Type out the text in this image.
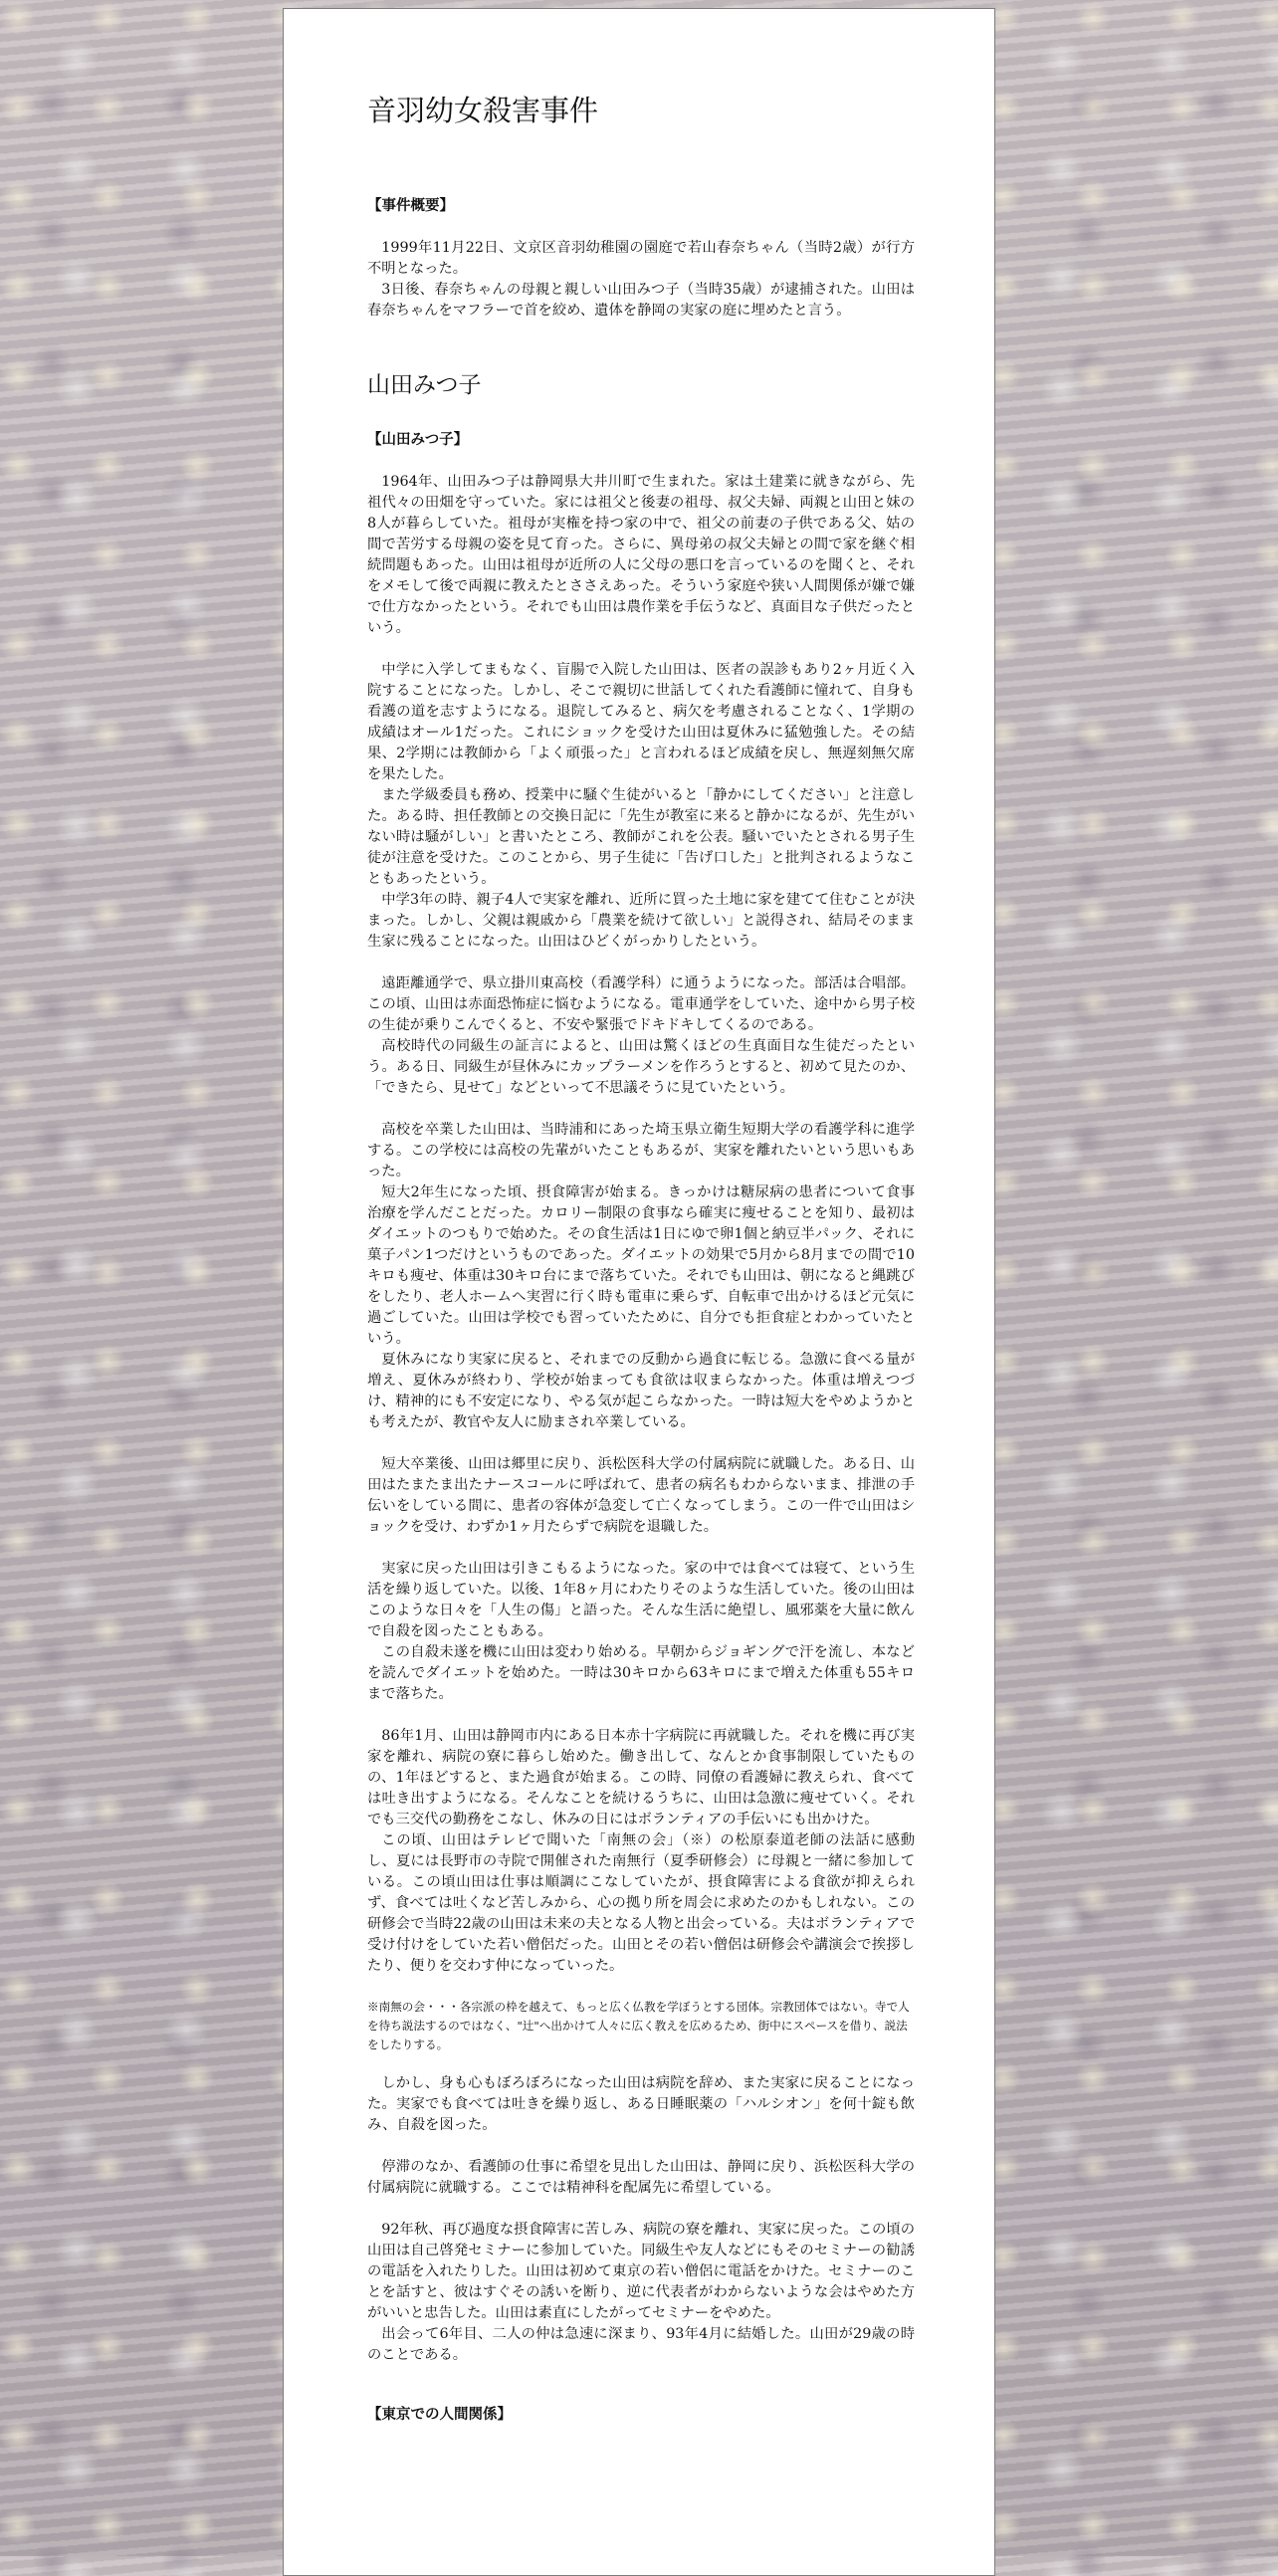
音羽幼女殺害事件
【事件概要】

1999年11月22日、文京区音羽幼稚園の園庭で若山春奈ちゃん（当時2歳）が行方不明となった。

3日後、春奈ちゃんの母親と親しい山田みつ子（当時35歳）が逮捕された。山田は春奈ちゃんをマフラーで首を絞め、遺体を静岡の実家の庭に埋めたと言う。

山田みつ子
【山田みつ子】

1964年、山田みつ子は静岡県大井川町で生まれた。家は土建業に就きながら、先祖代々の田畑を守っていた。家には祖父と後妻の祖母、叔父夫婦、両親と山田と妹の8人が暮らしていた。祖母が実権を持つ家の中で、祖父の前妻の子供である父、姑の間で苦労する母親の姿を見て育った。さらに、異母弟の叔父夫婦との間で家を継ぐ相続問題もあった。山田は祖母が近所の人に父母の悪口を言っているのを聞くと、それをメモして後で両親に教えたとささえあった。そういう家庭や狭い人間関係が嫌で嫌で仕方なかったという。それでも山田は農作業を手伝うなど、真面目な子供だったという。

中学に入学してまもなく、盲腸で入院した山田は、医者の誤診もあり2ヶ月近く入院することになった。しかし、そこで親切に世話してくれた看護師に憧れて、自身も看護の道を志すようになる。退院してみると、病欠を考慮されることなく、1学期の成績はオール1だった。これにショックを受けた山田は夏休みに猛勉強した。その結果、2学期には教師から「よく頑張った」と言われるほど成績を戻し、無遅刻無欠席を果たした。

また学級委員も務め、授業中に騒ぐ生徒がいると「静かにしてください」と注意した。ある時、担任教師との交換日記に「先生が教室に来ると静かになるが、先生がいない時は騒がしい」と書いたところ、教師がこれを公表。騒いでいたとされる男子生徒が注意を受けた。このことから、男子生徒に「告げ口した」と批判されるようなこともあったという。

中学3年の時、親子4人で実家を離れ、近所に買った土地に家を建てて住むことが決まった。しかし、父親は親戚から「農業を続けて欲しい」と説得され、結局そのまま生家に残ることになった。山田はひどくがっかりしたという。

遠距離通学で、県立掛川東高校（看護学科）に通うようになった。部活は合唱部。この頃、山田は赤面恐怖症に悩むようになる。電車通学をしていた、途中から男子校の生徒が乗りこんでくると、不安や緊張でドキドキしてくるのである。

高校時代の同級生の証言によると、山田は驚くほどの生真面目な生徒だったという。ある日、同級生が昼休みにカップラーメンを作ろうとすると、初めて見たのか、「できたら、見せて」などといって不思議そうに見ていたという。

高校を卒業した山田は、当時浦和にあった埼玉県立衛生短期大学の看護学科に進学する。この学校には高校の先輩がいたこともあるが、実家を離れたいという思いもあった。

短大2年生になった頃、摂食障害が始まる。きっかけは糖尿病の患者について食事治療を学んだことだった。カロリー制限の食事なら確実に痩せることを知り、最初はダイエットのつもりで始めた。その食生活は1日にゆで卵1個と納豆半パック、それに菓子パン1つだけというものであった。ダイエットの効果で5月から8月までの間で10キロも痩せ、体重は30キロ台にまで落ちていた。それでも山田は、朝になると縄跳びをしたり、老人ホームへ実習に行く時も電車に乗らず、自転車で出かけるほど元気に過ごしていた。山田は学校でも習っていたために、自分でも拒食症とわかっていたという。

夏休みになり実家に戻ると、それまでの反動から過食に転じる。急激に食べる量が増え、夏休みが終わり、学校が始まっても食欲は収まらなかった。体重は増えつづけ、精神的にも不安定になり、やる気が起こらなかった。一時は短大をやめようかとも考えたが、教官や友人に励まされ卒業している。

短大卒業後、山田は郷里に戻り、浜松医科大学の付属病院に就職した。ある日、山田はたまたま出たナースコールに呼ばれて、患者の病名もわからないまま、排泄の手伝いをしている間に、患者の容体が急変して亡くなってしまう。この一件で山田はショックを受け、わずか1ヶ月たらずで病院を退職した。

実家に戻った山田は引きこもるようになった。家の中では食べては寝て、という生活を繰り返していた。以後、1年8ヶ月にわたりそのような生活していた。後の山田はこのような日々を「人生の傷」と語った。そんな生活に絶望し、風邪薬を大量に飲んで自殺を図ったこともある。

この自殺未遂を機に山田は変わり始める。早朝からジョギングで汗を流し、本などを読んでダイエットを始めた。一時は30キロから63キロにまで増えた体重も55キロまで落ちた。

86年1月、山田は静岡市内にある日本赤十字病院に再就職した。それを機に再び実家を離れ、病院の寮に暮らし始めた。働き出して、なんとか食事制限していたものの、1年ほどすると、また過食が始まる。この時、同僚の看護婦に教えられ、食べては吐き出すようになる。そんなことを続けるうちに、山田は急激に痩せていく。それでも三交代の勤務をこなし、休みの日にはボランティアの手伝いにも出かけた。

この頃、山田はテレビで聞いた「南無の会」（※）の松原泰道老師の法話に感動し、夏には長野市の寺院で開催された南無行（夏季研修会）に母親と一緒に参加している。この頃山田は仕事は順調にこなしていたが、摂食障害による食欲が抑えられず、食べては吐くなど苦しみから、心の拠り所を周会に求めたのかもしれない。この研修会で当時22歳の山田は未来の夫となる人物と出会っている。夫はボランティアで受け付けをしていた若い僧侶だった。山田とその若い僧侶は研修会や講演会で挨拶したり、便りを交わす仲になっていった。

※南無の会・・・各宗派の枠を越えて、もっと広く仏教を学ぼうとする団体。宗教団体ではない。寺で人を待ち説法するのではなく、"辻"へ出かけて人々に広く教えを広めるため、街中にスペースを借り、説法をしたりする。

しかし、身も心もぼろぼろになった山田は病院を辞め、また実家に戻ることになった。実家でも食べては吐きを繰り返し、ある日睡眠薬の「ハルシオン」を何十錠も飲み、自殺を図った。

停滞のなか、看護師の仕事に希望を見出した山田は、静岡に戻り、浜松医科大学の付属病院に就職する。ここでは精神科を配属先に希望している。

92年秋、再び過度な摂食障害に苦しみ、病院の寮を離れ、実家に戻った。この頃の山田は自己啓発セミナーに参加していた。同級生や友人などにもそのセミナーの勧誘の電話を入れたりした。山田は初めて東京の若い僧侶に電話をかけた。セミナーのことを話すと、彼はすぐその誘いを断り、逆に代表者がわからないような会はやめた方がいいと忠告した。山田は素直にしたがってセミナーをやめた。

出会って6年目、二人の仲は急速に深まり、93年4月に結婚した。山田が29歳の時のことである。

【東京での人間関係】
